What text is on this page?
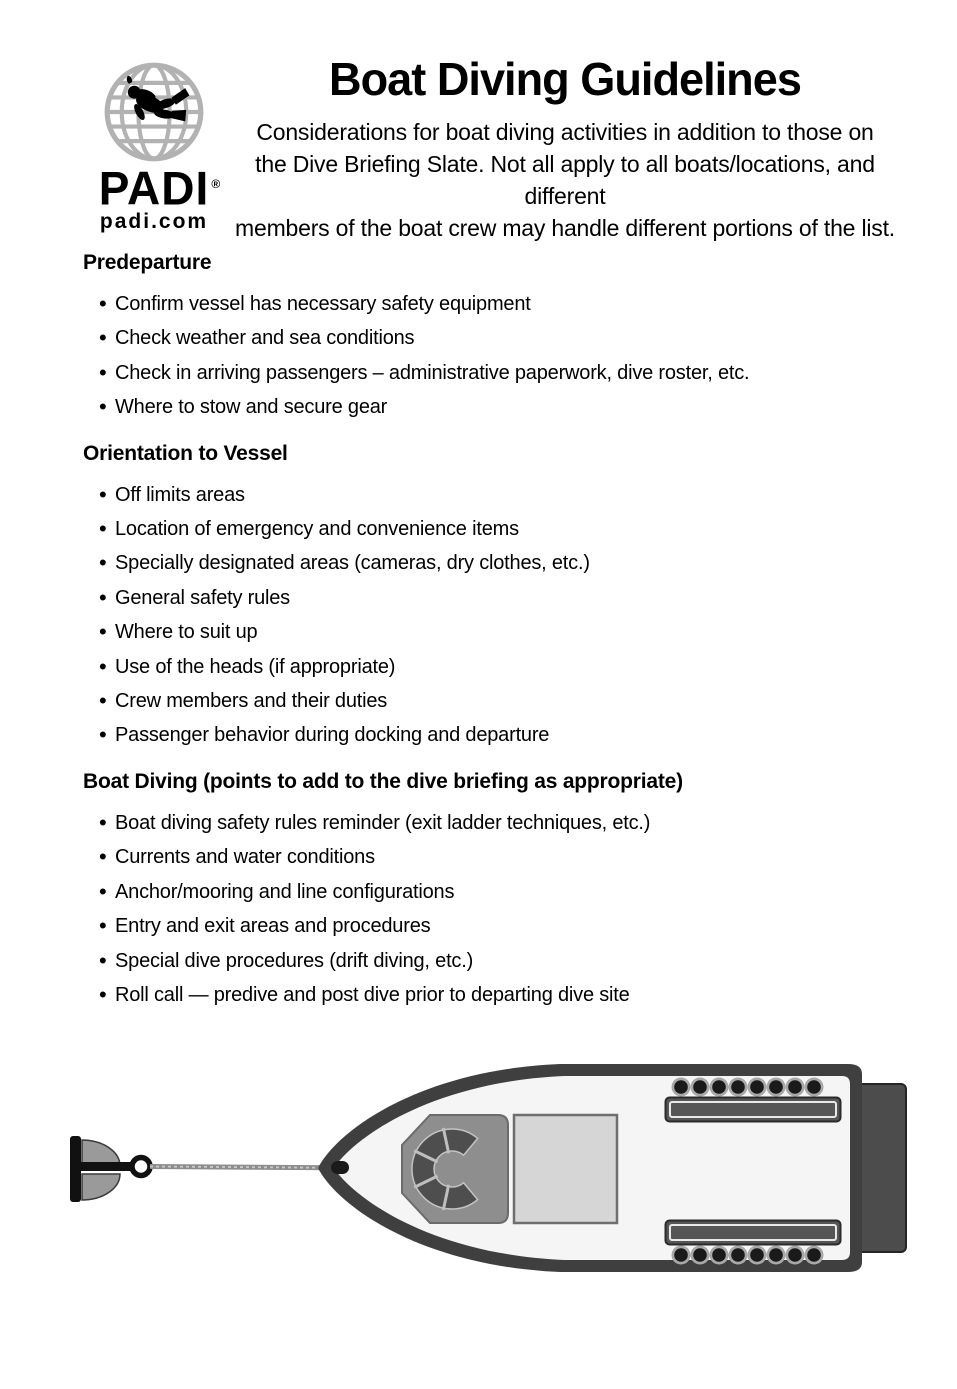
PADI ®
padi.com
Boat Diving Guidelines
Considerations for boat diving activities in addition to those on
the Dive Briefing Slate. Not all apply to all boats/locations, and different
members of the boat crew may handle different portions of the list.
Predeparture
• Confirm vessel has necessary safety equipment
• Check weather and sea conditions
• Check in arriving passengers – administrative paperwork, dive roster, etc.
• Where to stow and secure gear
Orientation to Vessel
• Off limits areas
• Location of emergency and convenience items
• Specially designated areas (cameras, dry clothes, etc.)
• General safety rules
• Where to suit up
• Use of the heads (if appropriate)
• Crew members and their duties
• Passenger behavior during docking and departure
Boat Diving (points to add to the dive briefing as appropriate)
• Boat diving safety rules reminder (exit ladder techniques, etc.)
• Currents and water conditions
• Anchor/mooring and line configurations
• Entry and exit areas and procedures
• Special dive procedures (drift diving, etc.)
• Roll call — predive and post dive prior to departing dive site
